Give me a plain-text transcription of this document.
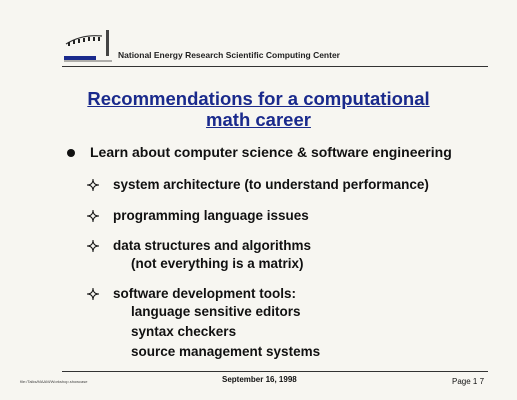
National Energy Research Scientific Computing Center
Recommendations for a computational
math career
Learn about computer science & software engineering
system architecture (to understand performance)
programming language issues
data structures and algorithms
(not everything is a matrix)
software development tools:
language sensitive editors
syntax checkers
source management systems
file:/Talks/MAAM/Workshop.showcase	September 16, 1998	Page 1 7
